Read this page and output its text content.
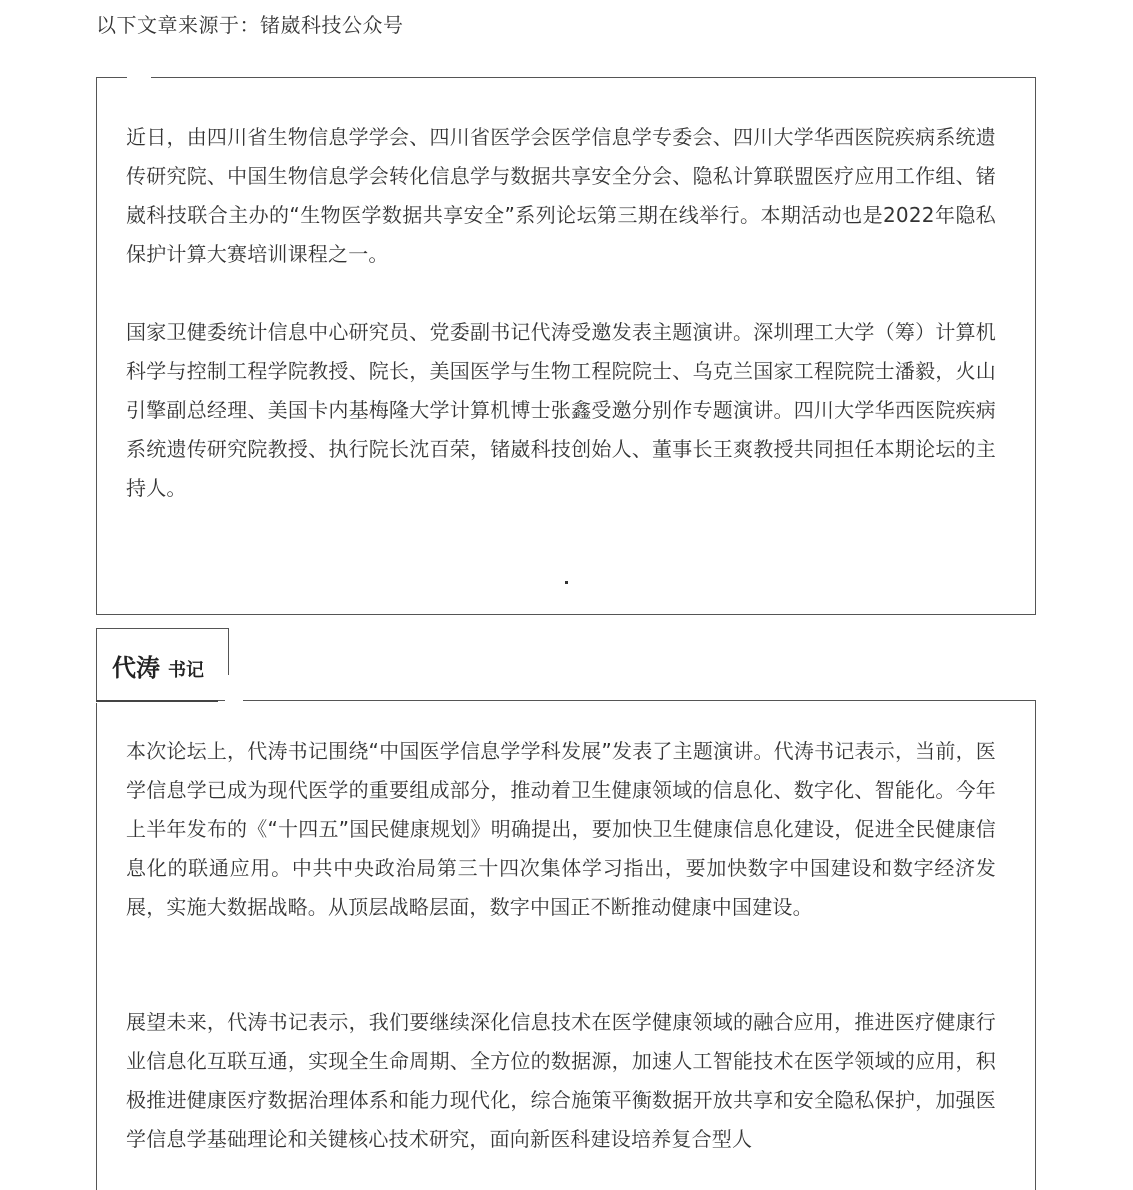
以下文章来源于：锗崴科技公众号

近日，由四川省生物信息学学会、四川省医学会医学信息学专委会、四川大学华西医院疾病系统遗传研究院、中国生物信息学会转化信息学与数据共享安全分会、隐私计算联盟医疗应用工作组、锗崴科技联合主办的“生物医学数据共享安全”系列论坛第三期在线举行。本期活动也是2022年隐私保护计算大赛培训课程之一。

国家卫健委统计信息中心研究员、党委副书记代涛受邀发表主题演讲。深圳理工大学（筹）计算机科学与控制工程学院教授、院长，美国医学与生物工程院院士、乌克兰国家工程院院士潘毅，火山引擎副总经理、美国卡内基梅隆大学计算机博士张鑫受邀分别作专题演讲。四川大学华西医院疾病系统遗传研究院教授、执行院长沈百荣，锗崴科技创始人、董事长王爽教授共同担任本期论坛的主持人。

本次论坛上，代涛书记围绕“中国医学信息学学科发展”发表了主题演讲。代涛书记表示，当前，医学信息学已成为现代医学的重要组成部分，推动着卫生健康领域的信息化、数字化、智能化。今年上半年发布的《“十四五”国民健康规划》明确提出，要加快卫生健康信息化建设，促进全民健康信息化的联通应用。中共中央政治局第三十四次集体学习指出，要加快数字中国建设和数字经济发展，实施大数据战略。从顶层战略层面，数字中国正不断推动健康中国建设。

展望未来，代涛书记表示，我们要继续深化信息技术在医学健康领域的融合应用，推进医疗健康行业信息化互联互通，实现全生命周期、全方位的数据源，加速人工智能技术在医学领域的应用，积极推进健康医疗数据治理体系和能力现代化，综合施策平衡数据开放共享和安全隐私保护，加强医学信息学基础理论和关键核心技术研究，面向新医科建设培养复合型人

代涛 书记
